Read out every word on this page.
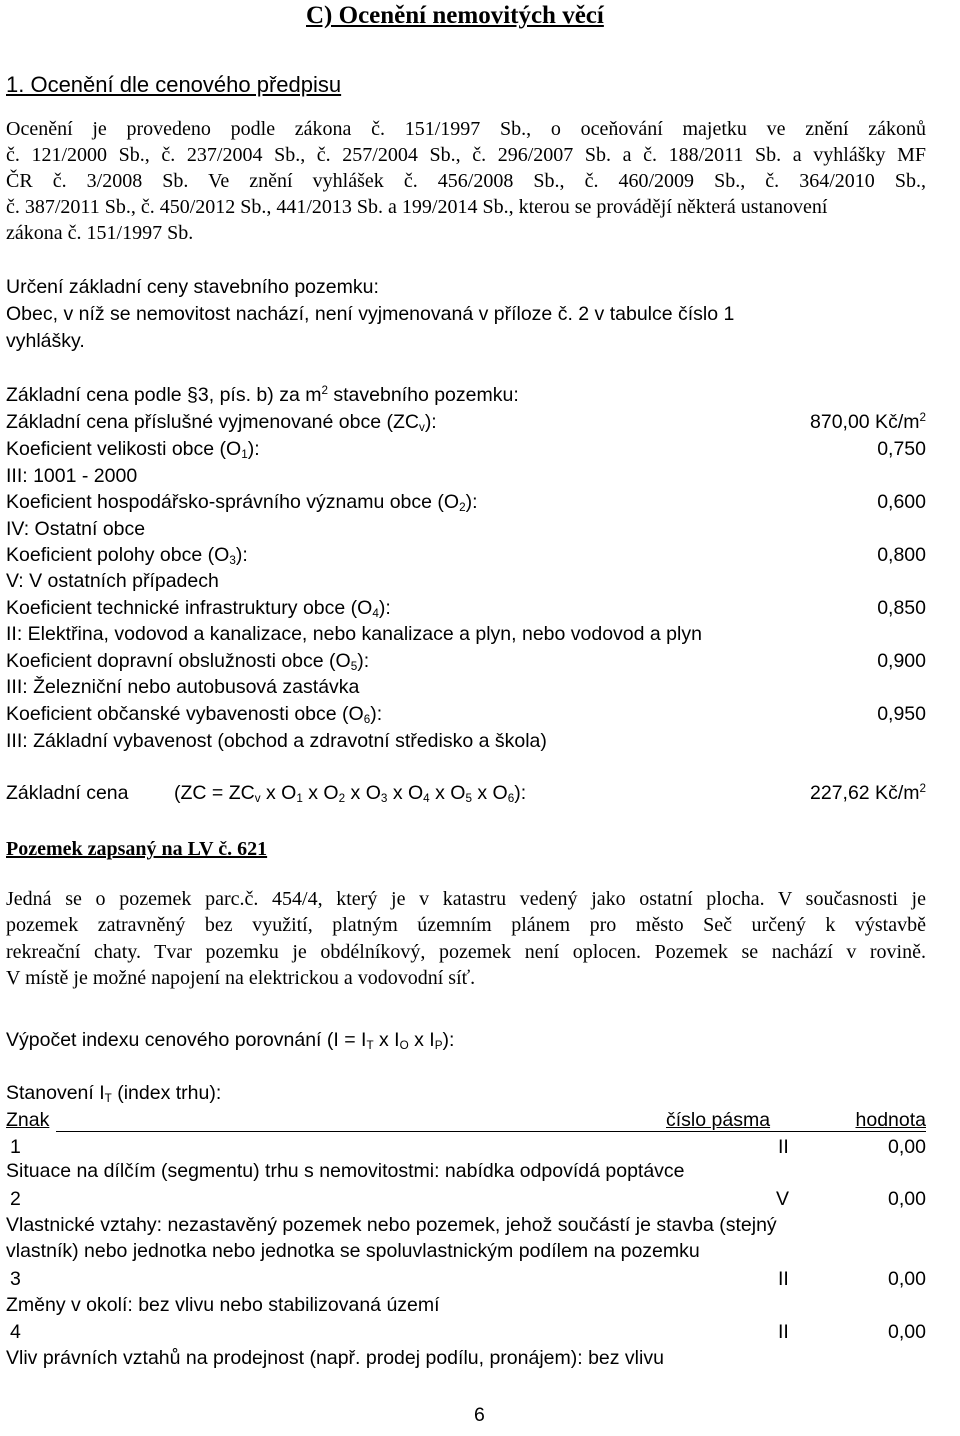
C) Ocenění nemovitých věcí
1. Ocenění dle cenového předpisu
Ocenění je provedeno podle zákona č. 151/1997 Sb., o oceňování majetku ve znění zákonů
č. 121/2000 Sb., č. 237/2004 Sb., č. 257/2004 Sb., č. 296/2007 Sb. a č. 188/2011 Sb. a vyhlášky MF
ČR č. 3/2008 Sb. Ve znění vyhlášek č. 456/2008 Sb., č. 460/2009 Sb., č. 364/2010 Sb.,
č. 387/2011 Sb., č. 450/2012 Sb., 441/2013 Sb. a 199/2014 Sb., kterou se provádějí některá ustanovení
zákona č. 151/1997 Sb.
Určení základní ceny stavebního pozemku:
Obec, v níž se nemovitost nachází, není vyjmenovaná v příloze č. 2 v tabulce číslo 1
vyhlášky.
Základní cena podle §3, pís. b) za $m^2$ stavebního pozemku:
Základní cena příslušné vyjmenované obce $(ZC_v)$:	870,00 $Kč/m^2$
Koeficient velikosti obce $(O_1)$:	0,750
III: 1001 - 2000
Koeficient hospodářsko-správního významu obce $(O_2)$:	0,600
IV: Ostatní obce
Koeficient polohy obce $(O_3)$:	0,800
V: V ostatních případech
Koeficient technické infrastruktury obce $(O_4)$:	0,850
II: Elektřina, vodovod a kanalizace, nebo kanalizace a plyn, nebo vodovod a plyn
Koeficient dopravní obslužnosti obce $(O_5)$:	0,900
III: Železniční nebo autobusová zastávka
Koeficient občanské vybavenosti obce $(O_6)$:	0,950
III: Základní vybavenost (obchod a zdravotní středisko a škola)
Základní cena ($ZC = ZC_v$ x $O_1$ x $O_2$ x $O_3$ x $O_4$ x $O_5$ x $O_6$):	227,62 $Kč/m^2$
Pozemek zapsaný na LV č. 621
Jedná se o pozemek parc.č. 454/4, který je v katastru vedený jako ostatní plocha. V současnosti je
pozemek zatravněný bez využití, platným územním plánem pro město Seč určený k výstavbě
rekreační chaty. Tvar pozemku je obdélníkový, pozemek není oplocen. Pozemek se nachází v rovině.
V místě je možné napojení na elektrickou a vodovodní síť.
Výpočet indexu cenového porovnání ($I = I_T$ x $I_O$ x $I_P$):
Stanovení $I_T$ (index trhu):
Znak	číslo pásma	hodnota
1	II	0,00
Situace na dílčím (segmentu) trhu s nemovitostmi: nabídka odpovídá poptávce
2	V	0,00
Vlastnické vztahy: nezastavěný pozemek nebo pozemek, jehož součástí je stavba (stejný
vlastník) nebo jednotka nebo jednotka se spoluvlastnickým podílem na pozemku
3	II	0,00
Změny v okolí: bez vlivu nebo stabilizovaná území
4	II	0,00
Vliv právních vztahů na prodejnost (např. prodej podílu, pronájem): bez vlivu
6
